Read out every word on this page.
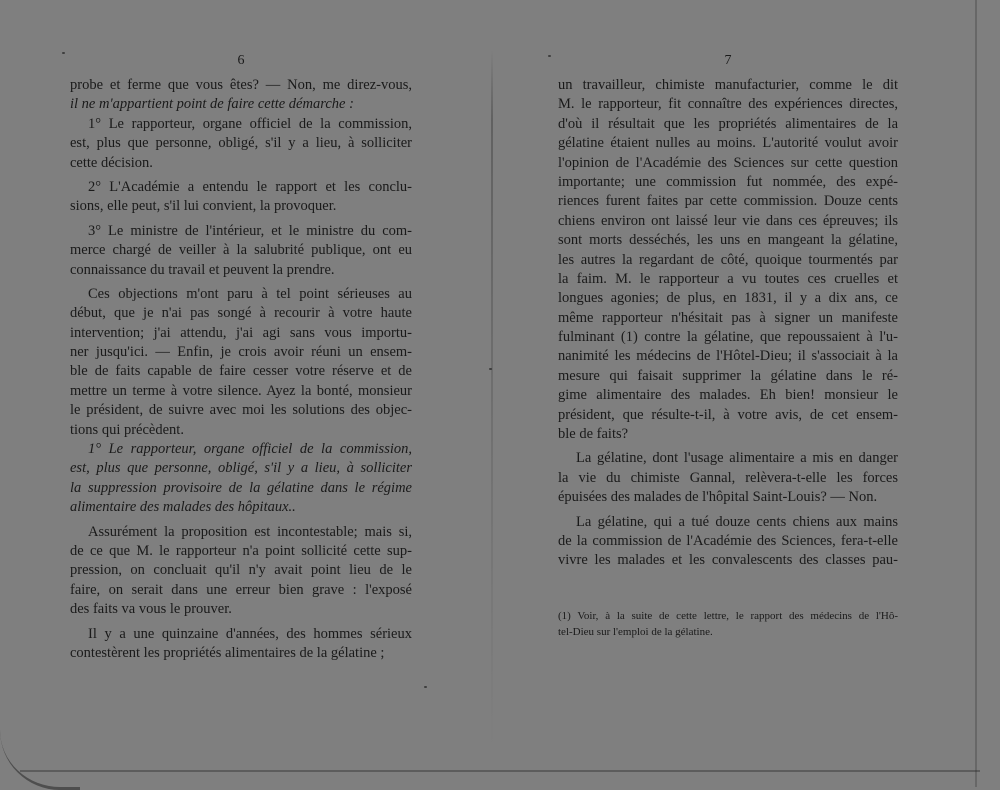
6
probe et ferme que vous êtes? — Non, me direz-vous,
il ne m'appartient point de faire cette démarche :
1° Le rapporteur, organe officiel de la commission,
est, plus que personne, obligé, s'il y a lieu, à solliciter
cette décision.
2° L'Académie a entendu le rapport et les conclu-
sions, elle peut, s'il lui convient, la provoquer.
3° Le ministre de l'intérieur, et le ministre du com-
merce chargé de veiller à la salubrité publique, ont eu
connaissance du travail et peuvent la prendre.
Ces objections m'ont paru à tel point sérieuses au
début, que je n'ai pas songé à recourir à votre haute
intervention; j'ai attendu, j'ai agi sans vous importu-
ner jusqu'ici. — Enfin, je crois avoir réuni un ensem-
ble de faits capable de faire cesser votre réserve et de
mettre un terme à votre silence. Ayez la bonté, monsieur
le président, de suivre avec moi les solutions des objec-
tions qui précèdent.
1° Le rapporteur, organe officiel de la commission,
est, plus que personne, obligé, s'il y a lieu, à solliciter
la suppression provisoire de la gélatine dans le régime
alimentaire des malades des hôpitaux..
Assurément la proposition est incontestable; mais si,
de ce que M. le rapporteur n'a point sollicité cette sup-
pression, on concluait qu'il n'y avait point lieu de le
faire, on serait dans une erreur bien grave : l'exposé
des faits va vous le prouver.
Il y a une quinzaine d'années, des hommes sérieux
contestèrent les propriétés alimentaires de la gélatine ;
7
un travailleur, chimiste manufacturier, comme le dit
M. le rapporteur, fit connaître des expériences directes,
d'où il résultait que les propriétés alimentaires de la
gélatine étaient nulles au moins. L'autorité voulut avoir
l'opinion de l'Académie des Sciences sur cette question
importante; une commission fut nommée, des expé-
riences furent faites par cette commission. Douze cents
chiens environ ont laissé leur vie dans ces épreuves; ils
sont morts desséchés, les uns en mangeant la gélatine,
les autres la regardant de côté, quoique tourmentés par
la faim. M. le rapporteur a vu toutes ces cruelles et
longues agonies; de plus, en 1831, il y a dix ans, ce
même rapporteur n'hésitait pas à signer un manifeste
fulminant (1) contre la gélatine, que repoussaient à l'u-
nanimité les médecins de l'Hôtel-Dieu; il s'associait à la
mesure qui faisait supprimer la gélatine dans le ré-
gime alimentaire des malades. Eh bien! monsieur le
président, que résulte-t-il, à votre avis, de cet ensem-
ble de faits?
La gélatine, dont l'usage alimentaire a mis en danger
la vie du chimiste Gannal, relèvera-t-elle les forces
épuisées des malades de l'hôpital Saint-Louis? — Non.
La gélatine, qui a tué douze cents chiens aux mains
de la commission de l'Académie des Sciences, fera-t-elle
vivre les malades et les convalescents des classes pau-
(1) Voir, à la suite de cette lettre, le rapport des médecins de l'Hô-
tel-Dieu sur l'emploi de la gélatine.
